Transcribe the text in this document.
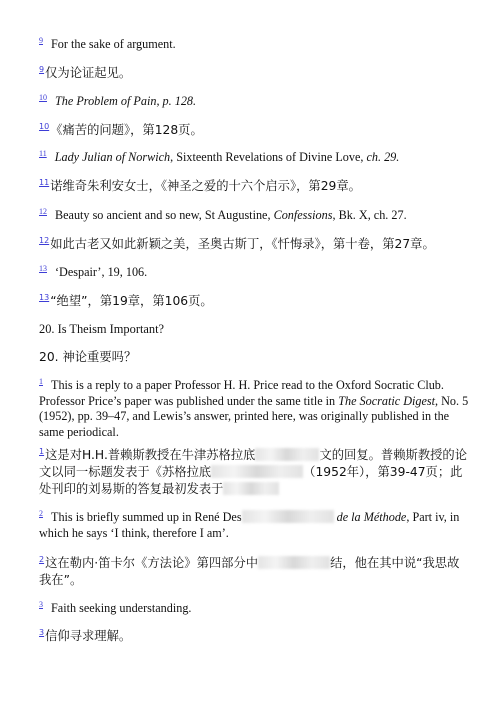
$^9$ For the sake of argument.

$^9$仅为论证起见。

$^{10}$ The Problem of Pain, p. 128.

$^{10}$《痛苦的问题》，第128页。

$^{11}$ Lady Julian of Norwich, Sixteenth Revelations of Divine Love, ch. 29.

$^{11}$诺维奇朱利安女士，《神圣之爱的十六个启示》，第29章。

$^{12}$ Beauty so ancient and so new, St Augustine, Confessions, Bk. X, ch. 27.

$^{12}$如此古老又如此新颖之美，圣奥古斯丁，《忏悔录》，第十卷，第27章。

$^{13}$ ‘Despair’, 19, 106.

$^{13}$“绝望”，第19章，第106页。

20. Is Theism Important?

20. 神论重要吗？

$^1$ This is a reply to a paper Professor H. H. Price read to the Oxford Socratic Club. Professor Price’s paper was published under the same title in The Socratic Digest, No. 5 (1952), pp. 39–47, and Lewis’s answer, printed here, was originally published in the same periodical.

$^1$这是对H.H.普赖斯教授在牛津苏格拉底	文的回复。普赖斯教授的论文以同一标题发表于《苏格拉底	（1952年），第39-47页；此处刊印的刘易斯的答复最初发表于

$^2$ This is briefly summed up in René Des	de la Méthode, Part iv, in which he says ‘I think, therefore I am’.

$^2$这在勒内·笛卡尔《方法论》第四部分中	结，他在其中说“我思故我在”。

$^3$ Faith seeking understanding.

$^3$信仰寻求理解。
